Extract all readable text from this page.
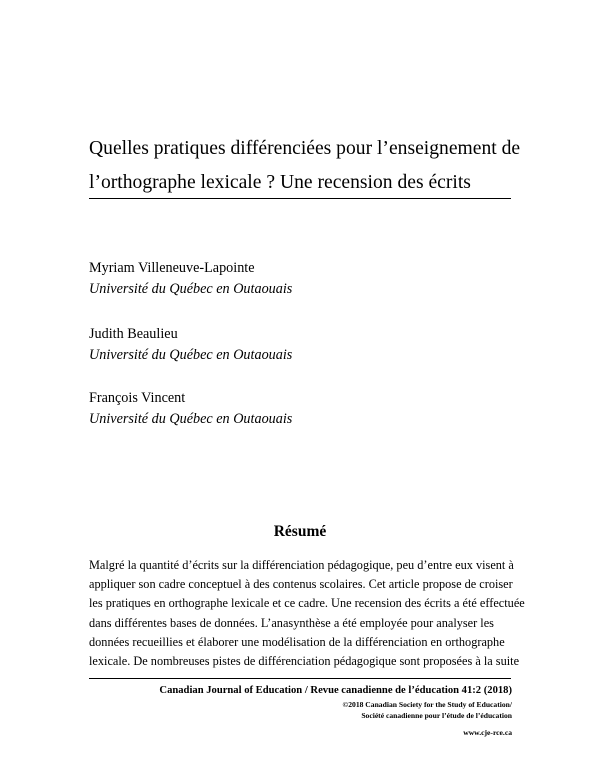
Quelles pratiques différenciées pour l’enseignement de
l’orthographe lexicale ? Une recension des écrits
Myriam Villeneuve-Lapointe
Université du Québec en Outaouais
Judith Beaulieu
Université du Québec en Outaouais
François Vincent
Université du Québec en Outaouais
Résumé
Malgré la quantité d’écrits sur la différenciation pédagogique, peu d’entre eux visent à
appliquer son cadre conceptuel à des contenus scolaires. Cet article propose de croiser
les pratiques en orthographe lexicale et ce cadre. Une recension des écrits a été effectuée
dans différentes bases de données. L’anasynthèse a été employée pour analyser les
données recueillies et élaborer une modélisation de la différenciation en orthographe
lexicale. De nombreuses pistes de différenciation pédagogique sont proposées à la suite
Canadian Journal of Education / Revue canadienne de l’éducation 41:2 (2018)
©2018 Canadian Society for the Study of Education/
Société canadienne pour l’étude de l’éducation
www.cje-rce.ca
